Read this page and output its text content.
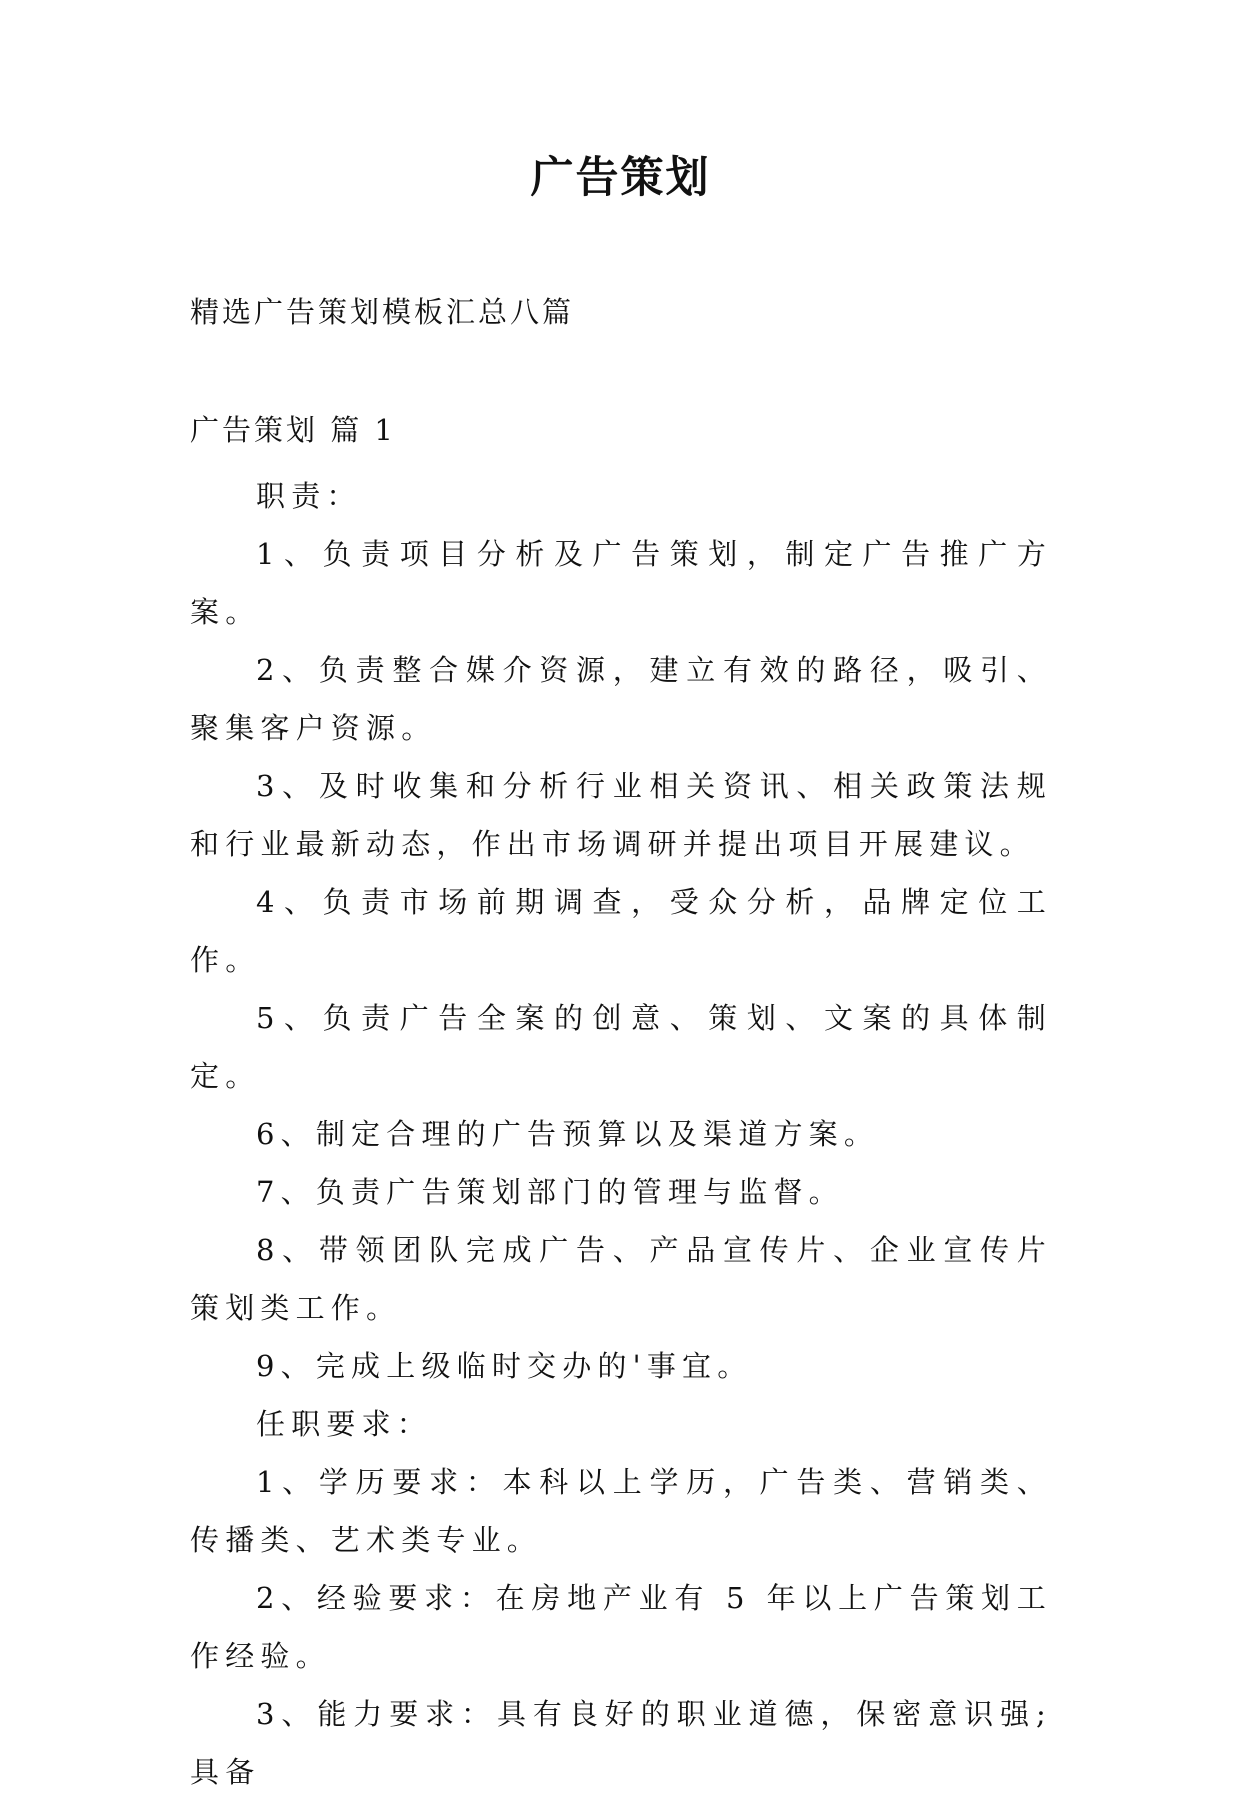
广告策划

精选广告策划模板汇总八篇

广告策划 篇 1

职责：

1、负责项目分析及广告策划，制定广告推广方案。

2、负责整合媒介资源，建立有效的路径，吸引、聚集客户资源。

3、及时收集和分析行业相关资讯、相关政策法规和行业最新动态，作出市场调研并提出项目开展建议。

4、负责市场前期调查，受众分析，品牌定位工作。

5、负责广告全案的创意、策划、文案的具体制定。

6、制定合理的广告预算以及渠道方案。

7、负责广告策划部门的管理与监督。

8、带领团队完成广告、产品宣传片、企业宣传片策划类工作。

9、完成上级临时交办的'事宜。

任职要求：

1、学历要求：本科以上学历，广告类、营销类、传播类、艺术类专业。

2、经验要求：在房地产业有 5 年以上广告策划工作经验。

3、能力要求：具有良好的职业道德，保密意识强;具备
